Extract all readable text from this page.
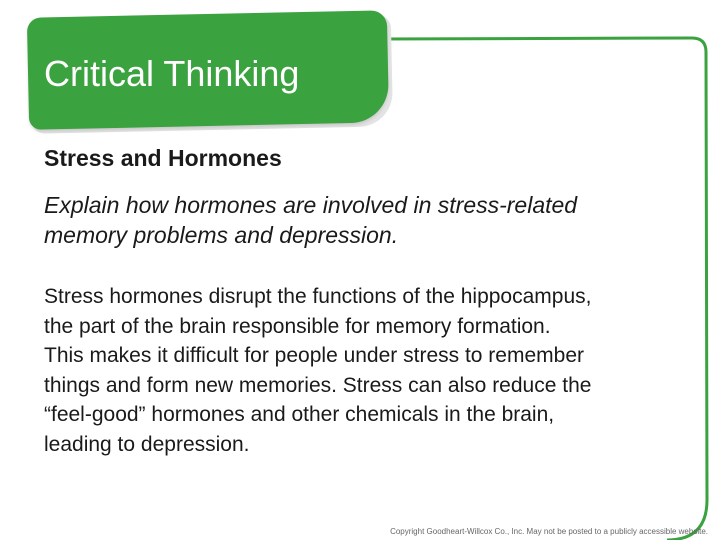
Critical Thinking
Stress and Hormones
Explain how hormones are involved in stress-related
memory problems and depression.
Stress hormones disrupt the functions of the hippocampus,
the part of the brain responsible for memory formation.
This makes it difficult for people under stress to remember
things and form new memories. Stress can also reduce the
“feel-good” hormones and other chemicals in the brain,
leading to depression.
Copyright Goodheart-Willcox Co., Inc. May not be posted to a publicly accessible website.
